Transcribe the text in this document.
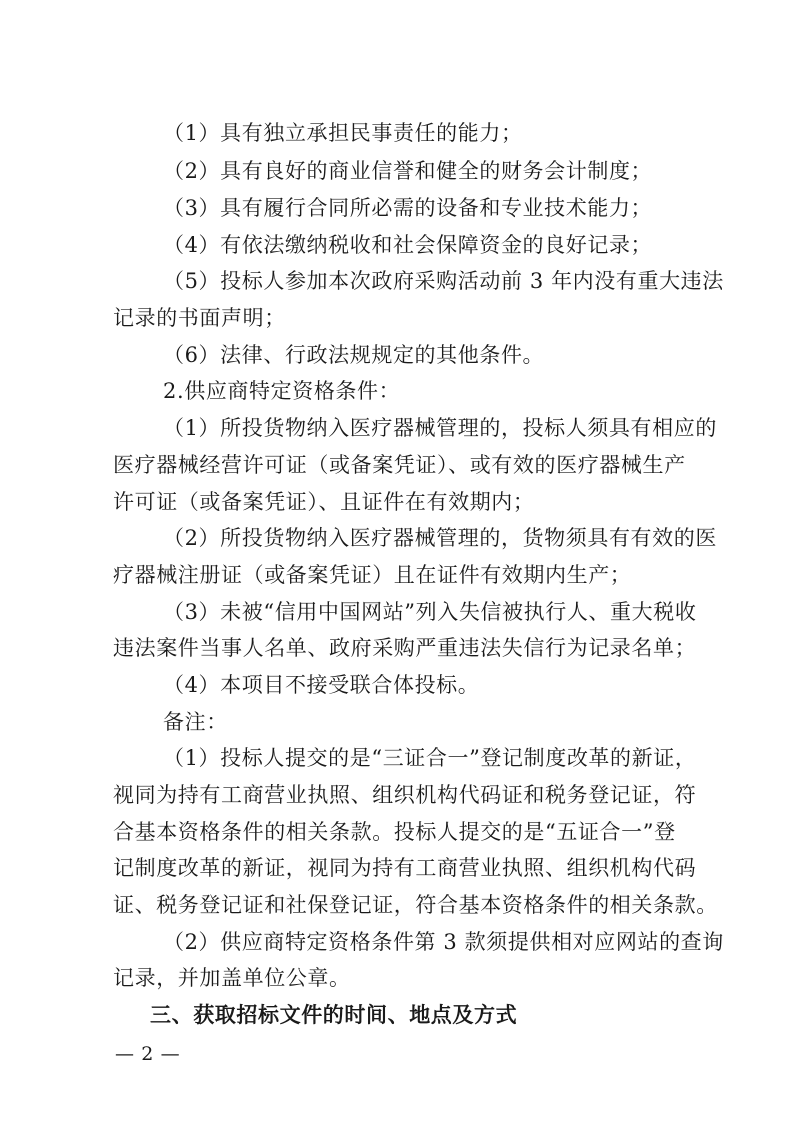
（1）具有独立承担民事责任的能力；
（2）具有良好的商业信誉和健全的财务会计制度；
（3）具有履行合同所必需的设备和专业技术能力；
（4）有依法缴纳税收和社会保障资金的良好记录；
（5）投标人参加本次政府采购活动前 3 年内没有重大违法
记录的书面声明；
（6）法律、行政法规规定的其他条件。
2.供应商特定资格条件：
（1）所投货物纳入医疗器械管理的，投标人须具有相应的
医疗器械经营许可证（或备案凭证）、或有效的医疗器械生产
许可证（或备案凭证）、且证件在有效期内；
（2）所投货物纳入医疗器械管理的，货物须具有有效的医
疗器械注册证（或备案凭证）且在证件有效期内生产；
（3）未被“信用中国网站”列入失信被执行人、重大税收
违法案件当事人名单、政府采购严重违法失信行为记录名单；
（4）本项目不接受联合体投标。
备注：
（1）投标人提交的是“三证合一”登记制度改革的新证，
视同为持有工商营业执照、组织机构代码证和税务登记证，符
合基本资格条件的相关条款。投标人提交的是“五证合一”登
记制度改革的新证，视同为持有工商营业执照、组织机构代码
证、税务登记证和社保登记证，符合基本资格条件的相关条款。
（2）供应商特定资格条件第 3 款须提供相对应网站的查询
记录，并加盖单位公章。
三、获取招标文件的时间、地点及方式
— 2 —
